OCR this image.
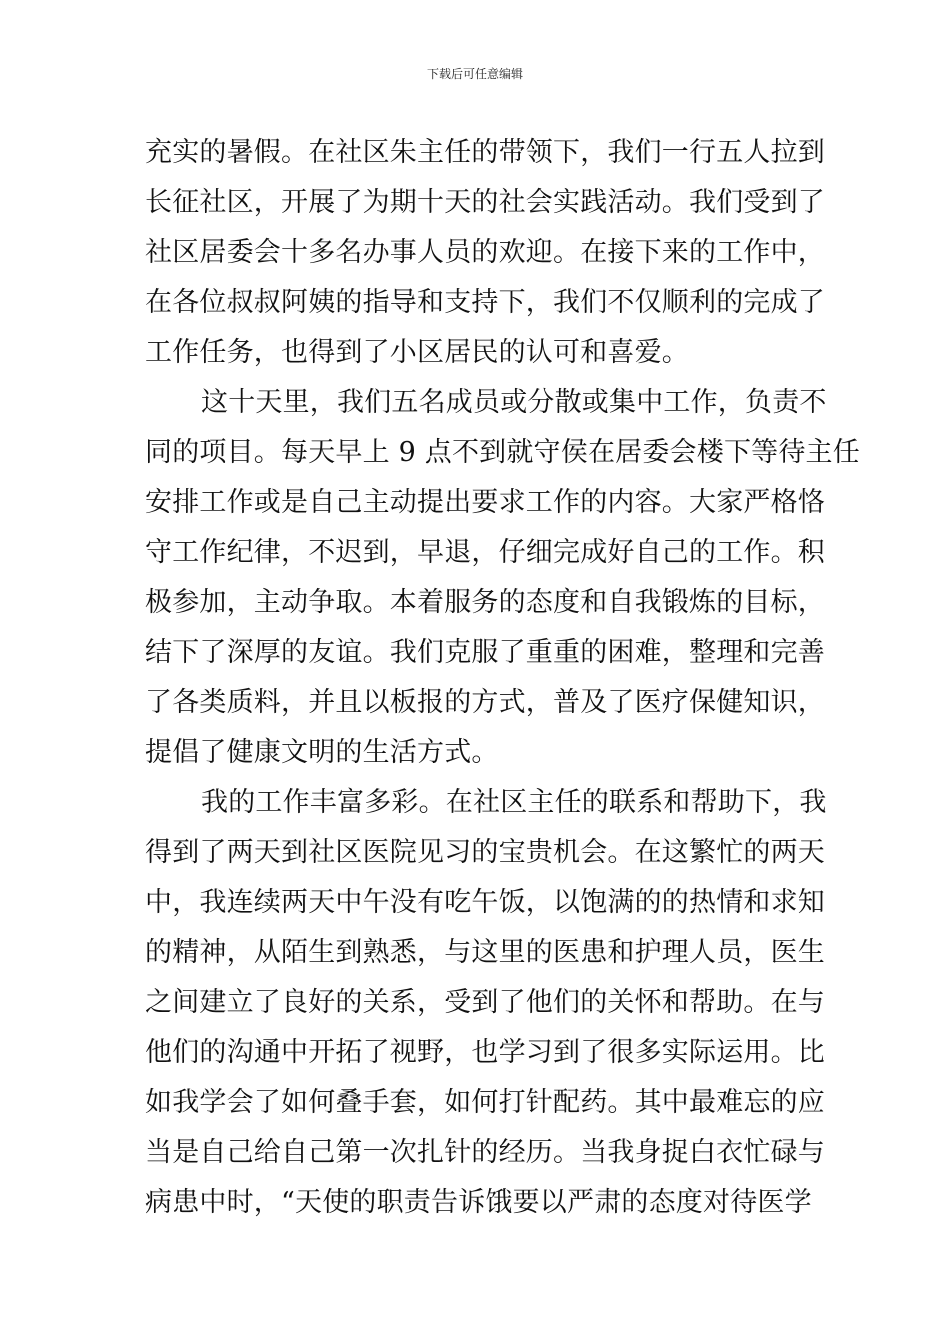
下载后可任意编辑
充实的暑假。在社区朱主任的带领下，我们一行五人拉到
长征社区，开展了为期十天的社会实践活动。我们受到了
社区居委会十多名办事人员的欢迎。在接下来的工作中，
在各位叔叔阿姨的指导和支持下，我们不仅顺利的完成了
工作任务，也得到了小区居民的认可和喜爱。
这十天里，我们五名成员或分散或集中工作，负责不
同的项目。每天早上 9 点不到就守侯在居委会楼下等待主任
安排工作或是自己主动提出要求工作的内容。大家严格恪
守工作纪律，不迟到，早退，仔细完成好自己的工作。积
极参加，主动争取。本着服务的态度和自我锻炼的目标，
结下了深厚的友谊。我们克服了重重的困难，整理和完善
了各类质料，并且以板报的方式，普及了医疗保健知识，
提倡了健康文明的生活方式。
我的工作丰富多彩。在社区主任的联系和帮助下，我
得到了两天到社区医院见习的宝贵机会。在这繁忙的两天
中，我连续两天中午没有吃午饭，以饱满的的热情和求知
的精神，从陌生到熟悉，与这里的医患和护理人员，医生
之间建立了良好的关系，受到了他们的关怀和帮助。在与
他们的沟通中开拓了视野，也学习到了很多实际运用。比
如我学会了如何叠手套，如何打针配药。其中最难忘的应
当是自己给自己第一次扎针的经历。当我身捉白衣忙碌与
病患中时，“天使的职责告诉饿要以严肃的态度对待医学
